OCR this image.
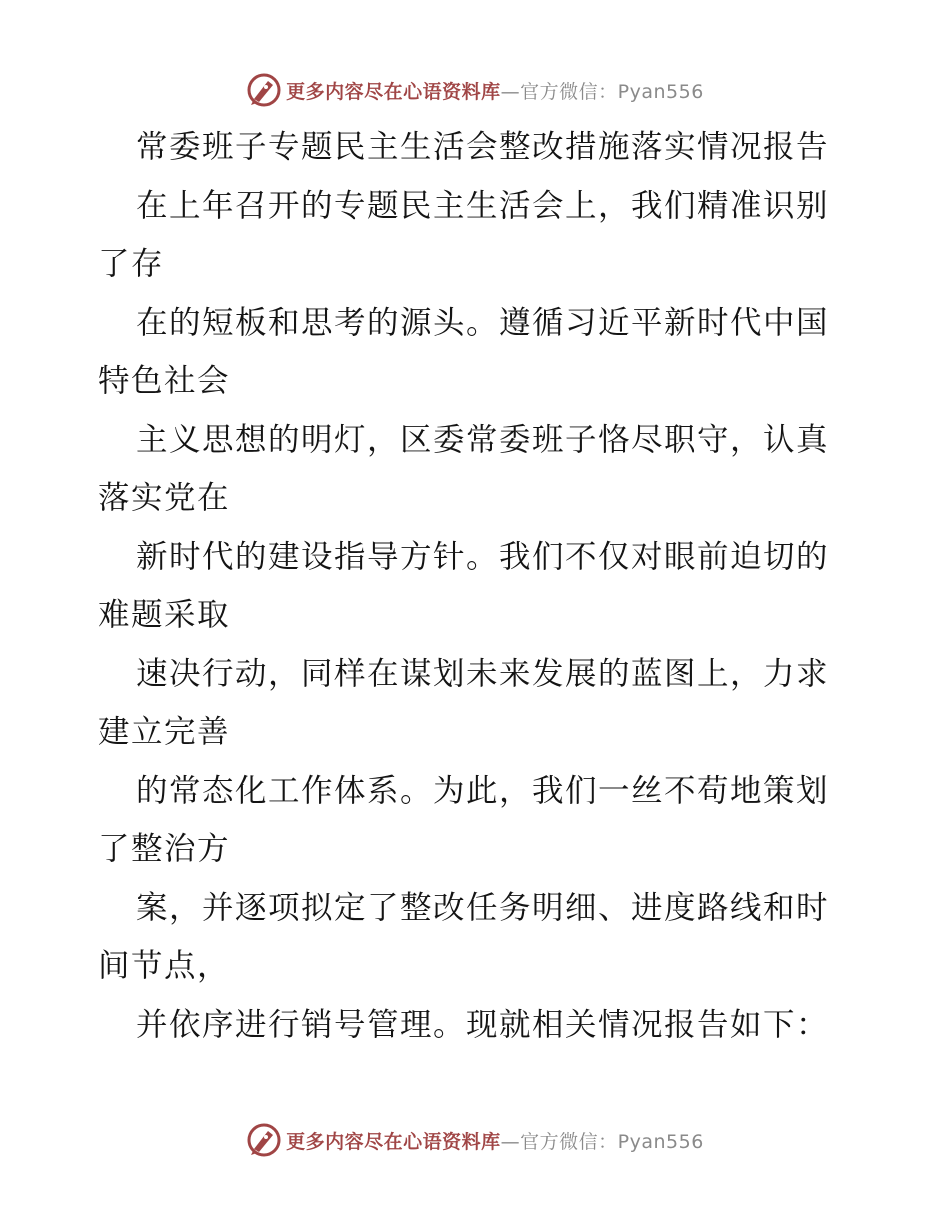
更多内容尽在心语资料库—官方微信：Pyan556
常委班子专题民主生活会整改措施落实情况报告
在上年召开的专题民主生活会上，我们精准识别
了存
在的短板和思考的源头。遵循习近平新时代中国
特色社会
主义思想的明灯，区委常委班子恪尽职守，认真
落实党在
新时代的建设指导方针。我们不仅对眼前迫切的
难题采取
速决行动，同样在谋划未来发展的蓝图上，力求
建立完善
的常态化工作体系。为此，我们一丝不苟地策划
了整治方
案，并逐项拟定了整改任务明细、进度路线和时
间节点，
并依序进行销号管理。现就相关情况报告如下：
更多内容尽在心语资料库—官方微信：Pyan556
